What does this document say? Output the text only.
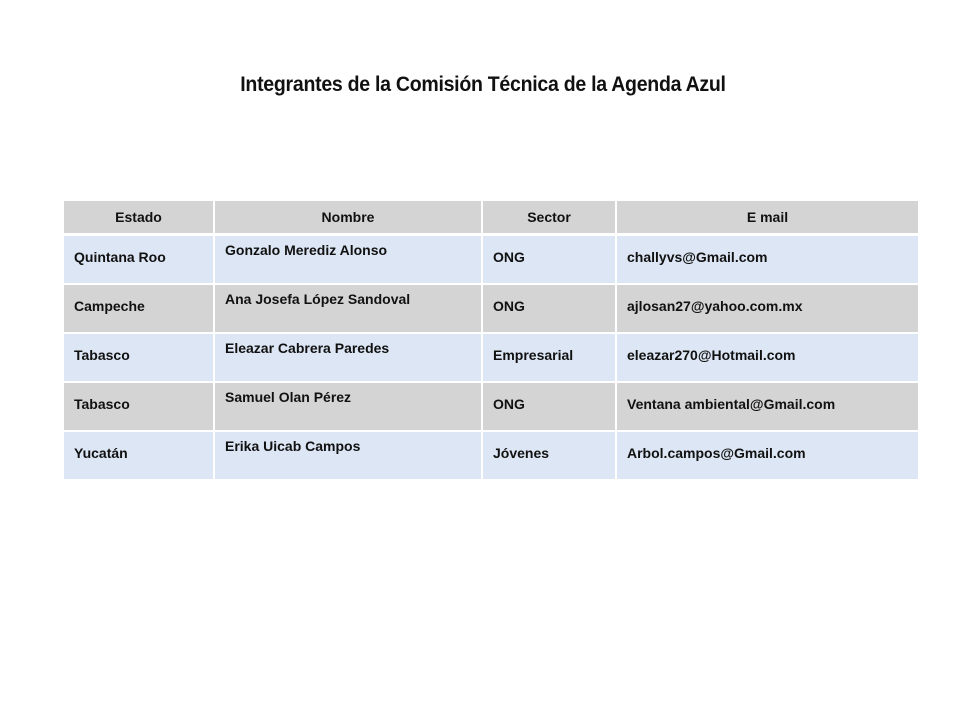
Integrantes de la Comisión Técnica de la Agenda Azul
Estado	Nombre	Sector	E mail

Quintana Roo	Gonzalo Merediz Alonso	ONG	challyvs@Gmail.com

Campeche	Ana Josefa López Sandoval	ONG	ajlosan27@yahoo.com.mx

Tabasco	Eleazar Cabrera Paredes	Empresarial	eleazar270@Hotmail.com

Tabasco	Samuel Olan Pérez	ONG	Ventana ambiental@Gmail.com

Yucatán	Erika Uicab Campos	Jóvenes	Arbol.campos@Gmail.com
